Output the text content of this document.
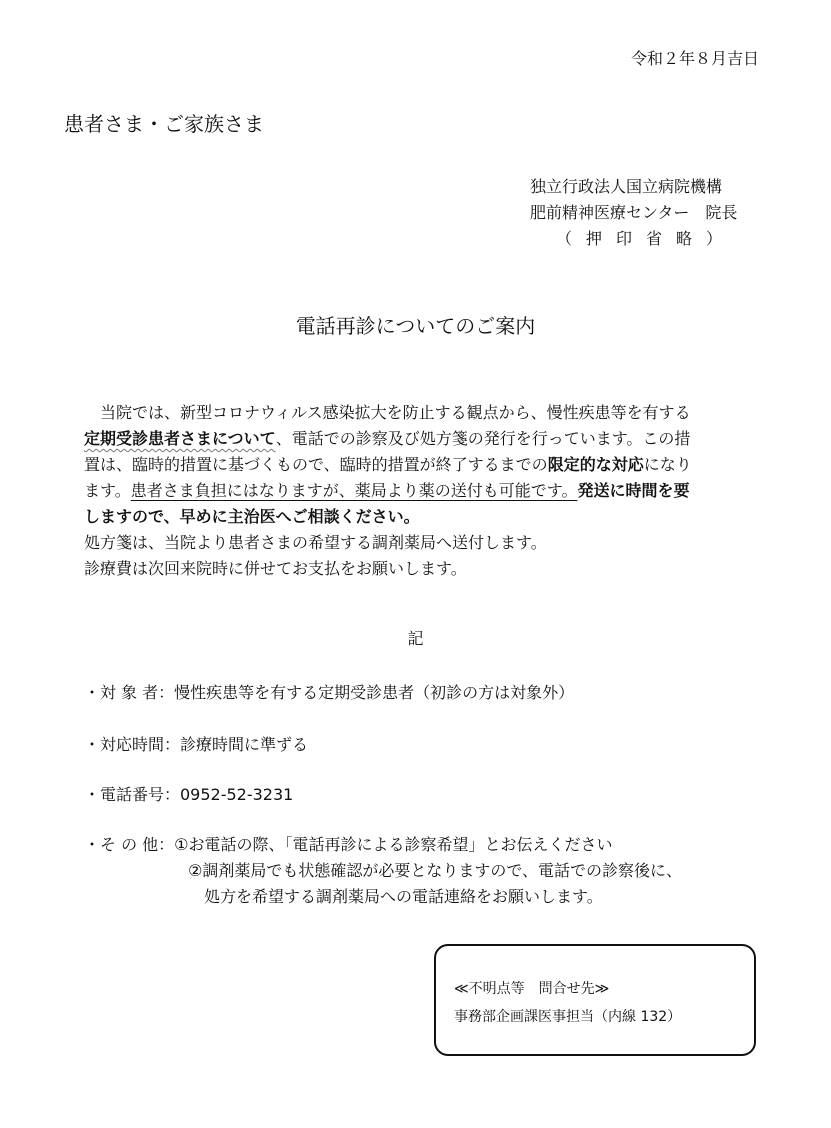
令和２年８月吉日
患者さま・ご家族さま
独立行政法人国立病院機構
肥前精神医療センター　院長
（押印省略）
電話再診についてのご案内
　当院では、新型コロナウィルス感染拡大を防止する観点から、慢性疾患等を有する
定期受診患者さまについて、電話での診察及び処方箋の発行を行っています。この措
置は、臨時的措置に基づくもので、臨時的措置が終了するまでの限定的な対応になり
ます。患者さま負担にはなりますが、薬局より薬の送付も可能です。発送に時間を要
しますので、早めに主治医へご相談ください。
処方箋は、当院より患者さまの希望する調剤薬局へ送付します。
診療費は次回来院時に併せてお支払をお願いします。
記
・対 象 者：慢性疾患等を有する定期受診患者（初診の方は対象外）
・対応時間：診療時間に準ずる
・電話番号：0952-52-3231
・そ の 他：①お電話の際、「電話再診による診察希望」とお伝えください
②調剤薬局でも状態確認が必要となりますので、電話での診察後に、
処方を希望する調剤薬局への電話連絡をお願いします。
≪不明点等　問合せ先≫
事務部企画課医事担当（内線 132）
